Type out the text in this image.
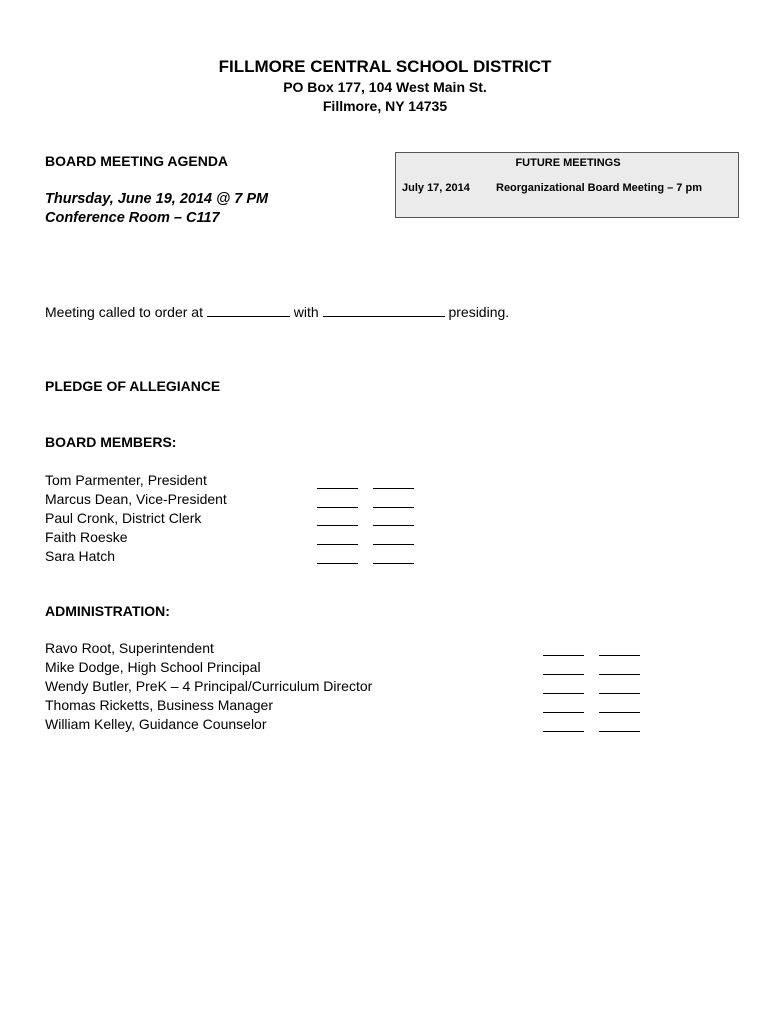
FILLMORE CENTRAL SCHOOL DISTRICT
PO Box 177, 104 West Main St.
Fillmore, NY 14735
BOARD MEETING AGENDA
Thursday, June 19, 2014 @ 7 PM
Conference Room – C117
FUTURE MEETINGS
July 17, 2014 Reorganizational Board Meeting – 7 pm
Meeting called to order at	with	presiding.
PLEDGE OF ALLEGIANCE
BOARD MEMBERS:
Tom Parmenter, President
Marcus Dean, Vice-President
Paul Cronk, District Clerk
Faith Roeske
Sara Hatch
ADMINISTRATION:
Ravo Root, Superintendent
Mike Dodge, High School Principal
Wendy Butler, PreK – 4 Principal/Curriculum Director
Thomas Ricketts, Business Manager
William Kelley, Guidance Counselor
